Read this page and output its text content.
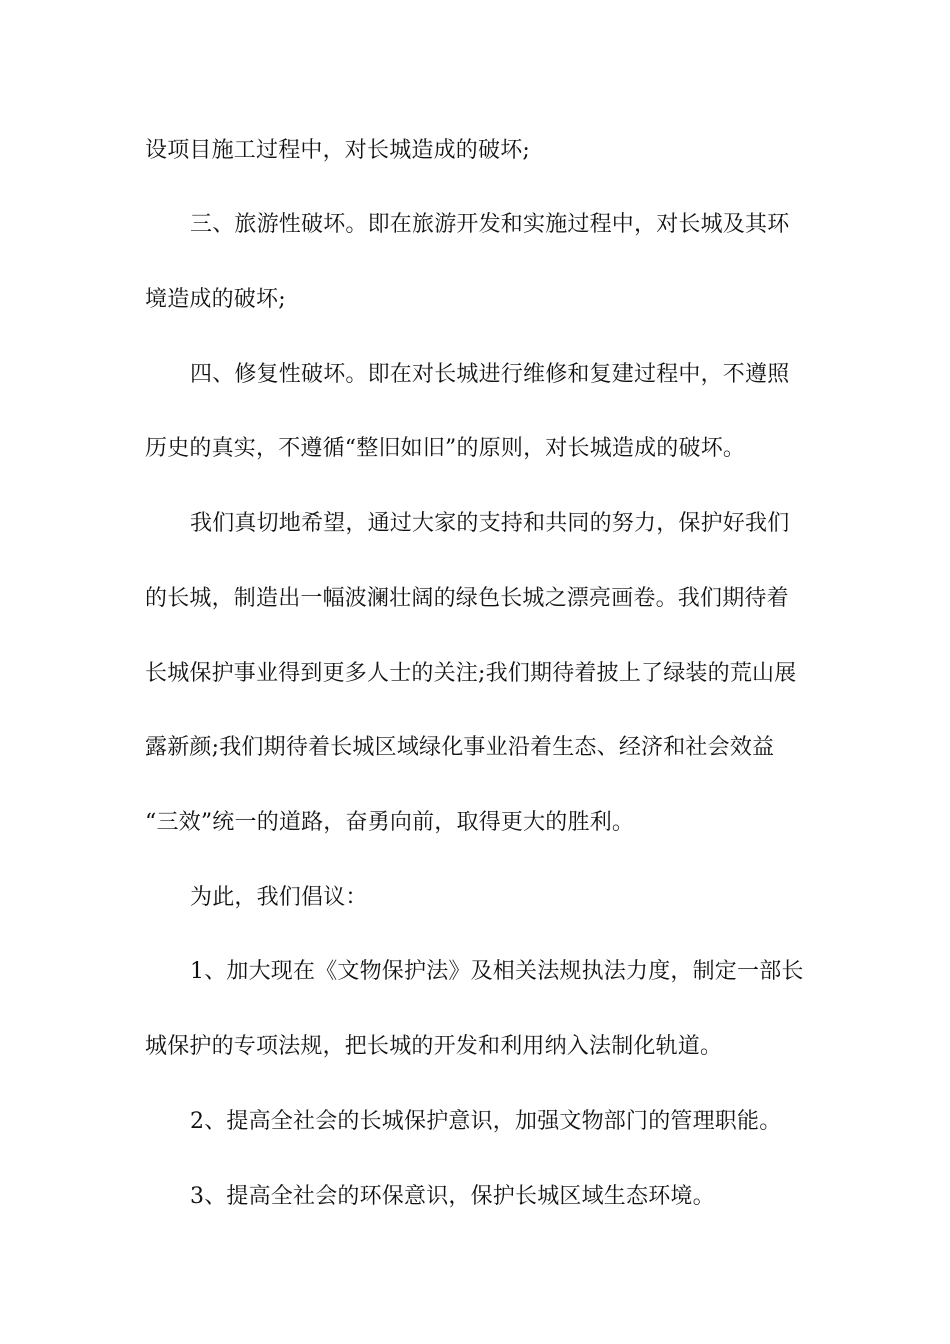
设项目施工过程中，对长城造成的破坏;
三、旅游性破坏。即在旅游开发和实施过程中，对长城及其环
境造成的破坏;
四、修复性破坏。即在对长城进行维修和复建过程中，不遵照
历史的真实，不遵循“整旧如旧”的原则，对长城造成的破坏。
我们真切地希望，通过大家的支持和共同的努力，保护好我们
的长城，制造出一幅波澜壮阔的绿色长城之漂亮画卷。我们期待着
长城保护事业得到更多人士的关注;我们期待着披上了绿装的荒山展
露新颜;我们期待着长城区域绿化事业沿着生态、经济和社会效益
“三效”统一的道路，奋勇向前，取得更大的胜利。
为此，我们倡议：
1、加大现在《文物保护法》及相关法规执法力度，制定一部长
城保护的专项法规，把长城的开发和利用纳入法制化轨道。
2、提高全社会的长城保护意识，加强文物部门的管理职能。
3、提高全社会的环保意识，保护长城区域生态环境。
